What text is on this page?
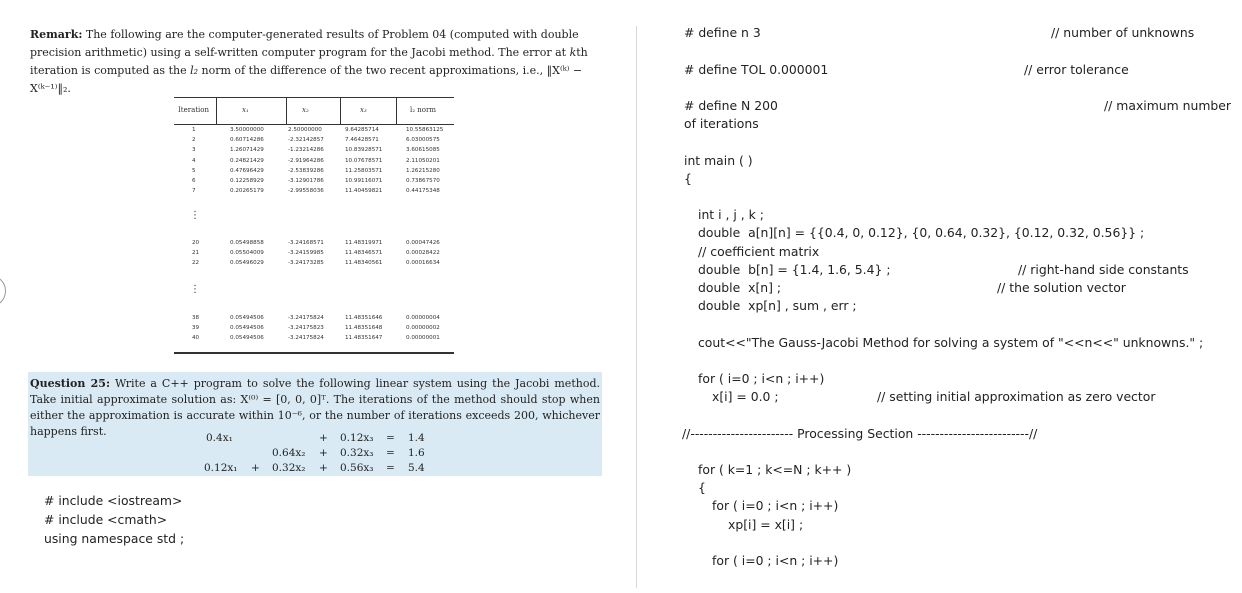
Remark: The following are the computer-generated results of Problem 04 (computed with double precision arithmetic) using a self-written computer program for the Jacobi method. The error at kth iteration is computed as the l₂ norm of the difference of the two recent approximations, i.e., ‖X⁽ᵏ⁾ − X⁽ᵏ⁻¹⁾‖₂.
Iteration	x₁	x₂	x₃	l₂ norm
1	3.50000000	2.50000000	9.64285714	10.55863125
2	0.60714286	-2.32142857	7.46428571	6.03000575
3	1.26071429	-1.23214286	10.83928571	3.60615085
4	0.24821429	-2.91964286	10.07678571	2.11050201
5	0.47696429	-2.53839286	11.25803571	1.26215280
6	0.12258929	-3.12901786	10.99116071	0.73867570
7	0.20265179	-2.99558036	11.40459821	0.44175348
20	0.05498858	-3.24168571	11.48319971	0.00047426
21	0.05504009	-3.24159985	11.48346571	0.00028422
22	0.05496029	-3.24173285	11.48340561	0.00016634
38	0.05494506	-3.24175824	11.48351646	0.00000004
39	0.05494506	-3.24175823	11.48351648	0.00000002
40	0.05494506	-3.24175824	11.48351647	0.00000001
⋮
⋮
Question 25: Write a C++ program to solve the following linear system using the Jacobi method. Take initial approximate solution as: X⁽⁰⁾ = [0, 0, 0]ᵀ. The iterations of the method should stop when either the approximation is accurate within 10⁻⁶, or the number of iterations exceeds 200, whichever happens first.	0.4x₁	+ 0.12x₃ = 1.4
0.64x₂ + 0.32x₃ = 1.6
0.12x₁ + 0.32x₂ + 0.56x₃ = 5.4
# include <iostream>
# include <cmath>
using namespace std ;
# define n 3	// number of unknowns
# define TOL 0.000001	// error tolerance
# define N 200	// maximum number
of iterations
int main ( )
{
int i , j , k ;
double  a[n][n] = {{0.4, 0, 0.12}, {0, 0.64, 0.32}, {0.12, 0.32, 0.56}} ;
// coefficient matrix
double  b[n] = {1.4, 1.6, 5.4} ;	// right-hand side constants
double  x[n] ;	// the solution vector
double  xp[n] , sum , err ;
cout<<"The Gauss-Jacobi Method for solving a system of "<<n<<" unknowns." ;
for ( i=0 ; i<n ; i++)
x[i] = 0.0 ;	// setting initial approximation as zero vector
//----------------------- Processing Section -------------------------//
for ( k=1 ; k<=N ; k++ )
{
for ( i=0 ; i<n ; i++)
xp[i] = x[i] ;
for ( i=0 ; i<n ; i++)
